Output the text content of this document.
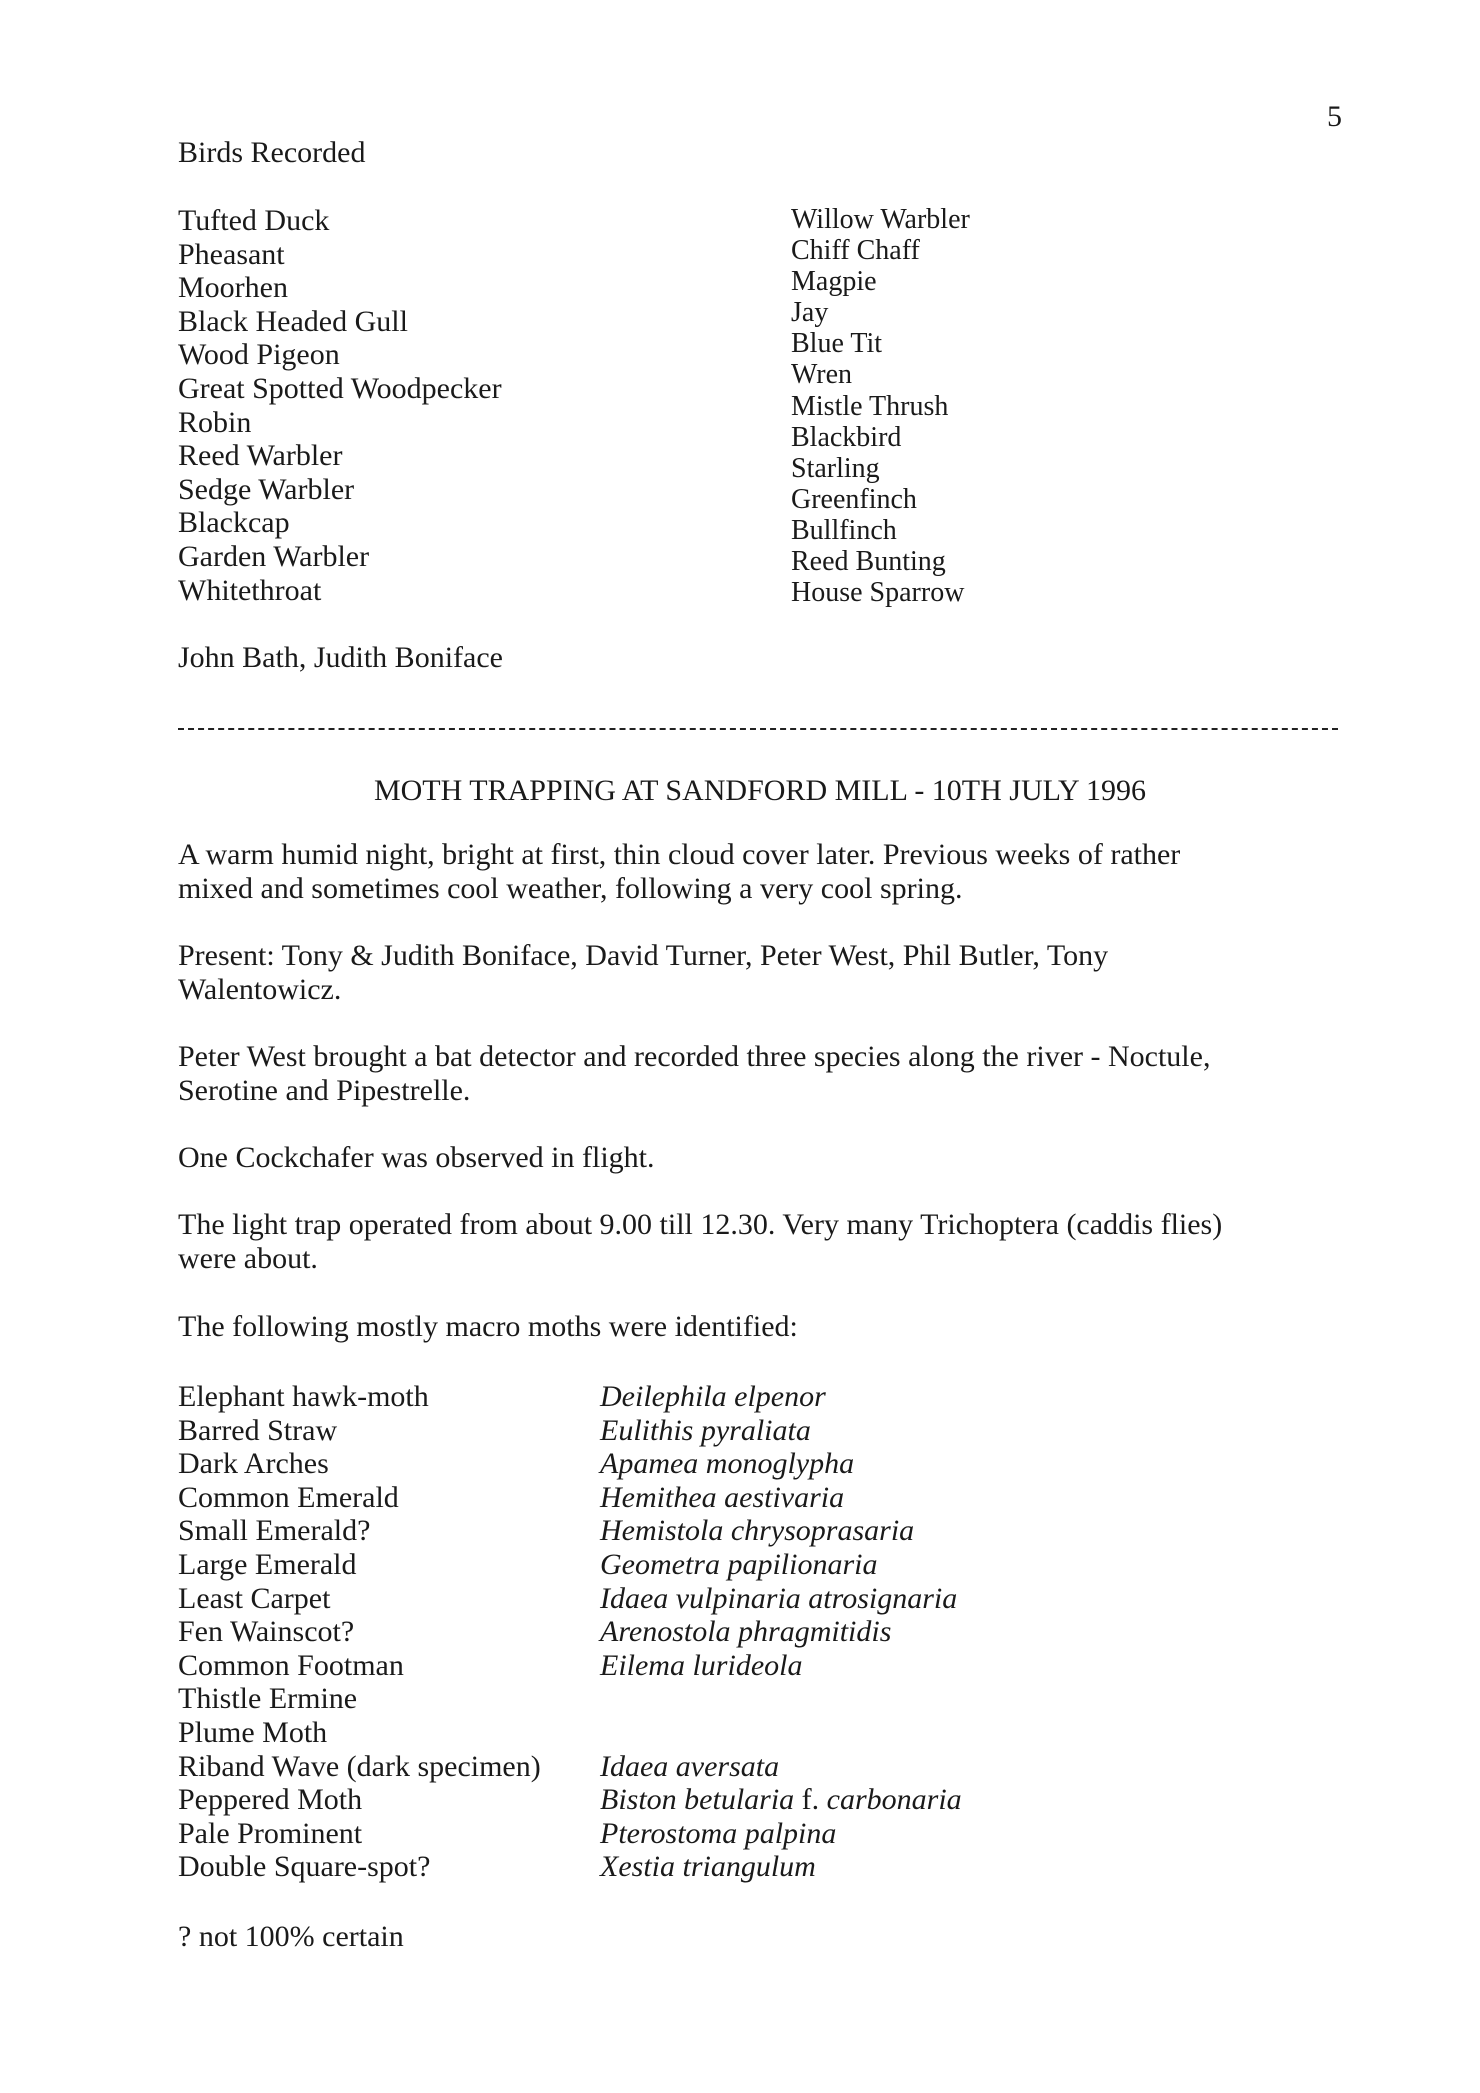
5
Birds Recorded
Tufted Duck
Pheasant
Moorhen
Black Headed Gull
Wood Pigeon
Great Spotted Woodpecker
Robin
Reed Warbler
Sedge Warbler
Blackcap
Garden Warbler
Whitethroat
Willow Warbler
Chiff Chaff
Magpie
Jay
Blue Tit
Wren
Mistle Thrush
Blackbird
Starling
Greenfinch
Bullfinch
Reed Bunting
House Sparrow
John Bath, Judith Boniface
MOTH TRAPPING AT SANDFORD MILL - 10TH JULY 1996
A warm humid night, bright at first, thin cloud cover later. Previous weeks of rather
mixed and sometimes cool weather, following a very cool spring.
Present: Tony & Judith Boniface, David Turner, Peter West, Phil Butler, Tony
Walentowicz.
Peter West brought a bat detector and recorded three species along the river - Noctule,
Serotine and Pipestrelle.
One Cockchafer was observed in flight.
The light trap operated from about 9.00 till 12.30. Very many Trichoptera (caddis flies)
were about.
The following mostly macro moths were identified:
Elephant hawk-moth
Barred Straw
Dark Arches
Common Emerald
Small Emerald?
Large Emerald
Least Carpet
Fen Wainscot?
Common Footman
Thistle Ermine
Plume Moth
Riband Wave (dark specimen)
Peppered Moth
Pale Prominent
Double Square-spot?
Deilephila elpenor
Eulithis pyraliata
Apamea monoglypha
Hemithea aestivaria
Hemistola chrysoprasaria
Geometra papilionaria
Idaea vulpinaria atrosignaria
Arenostola phragmitidis
Eilema lurideola
Idaea aversata
Biston betularia f. carbonaria
Pterostoma palpina
Xestia triangulum
? not 100% certain
